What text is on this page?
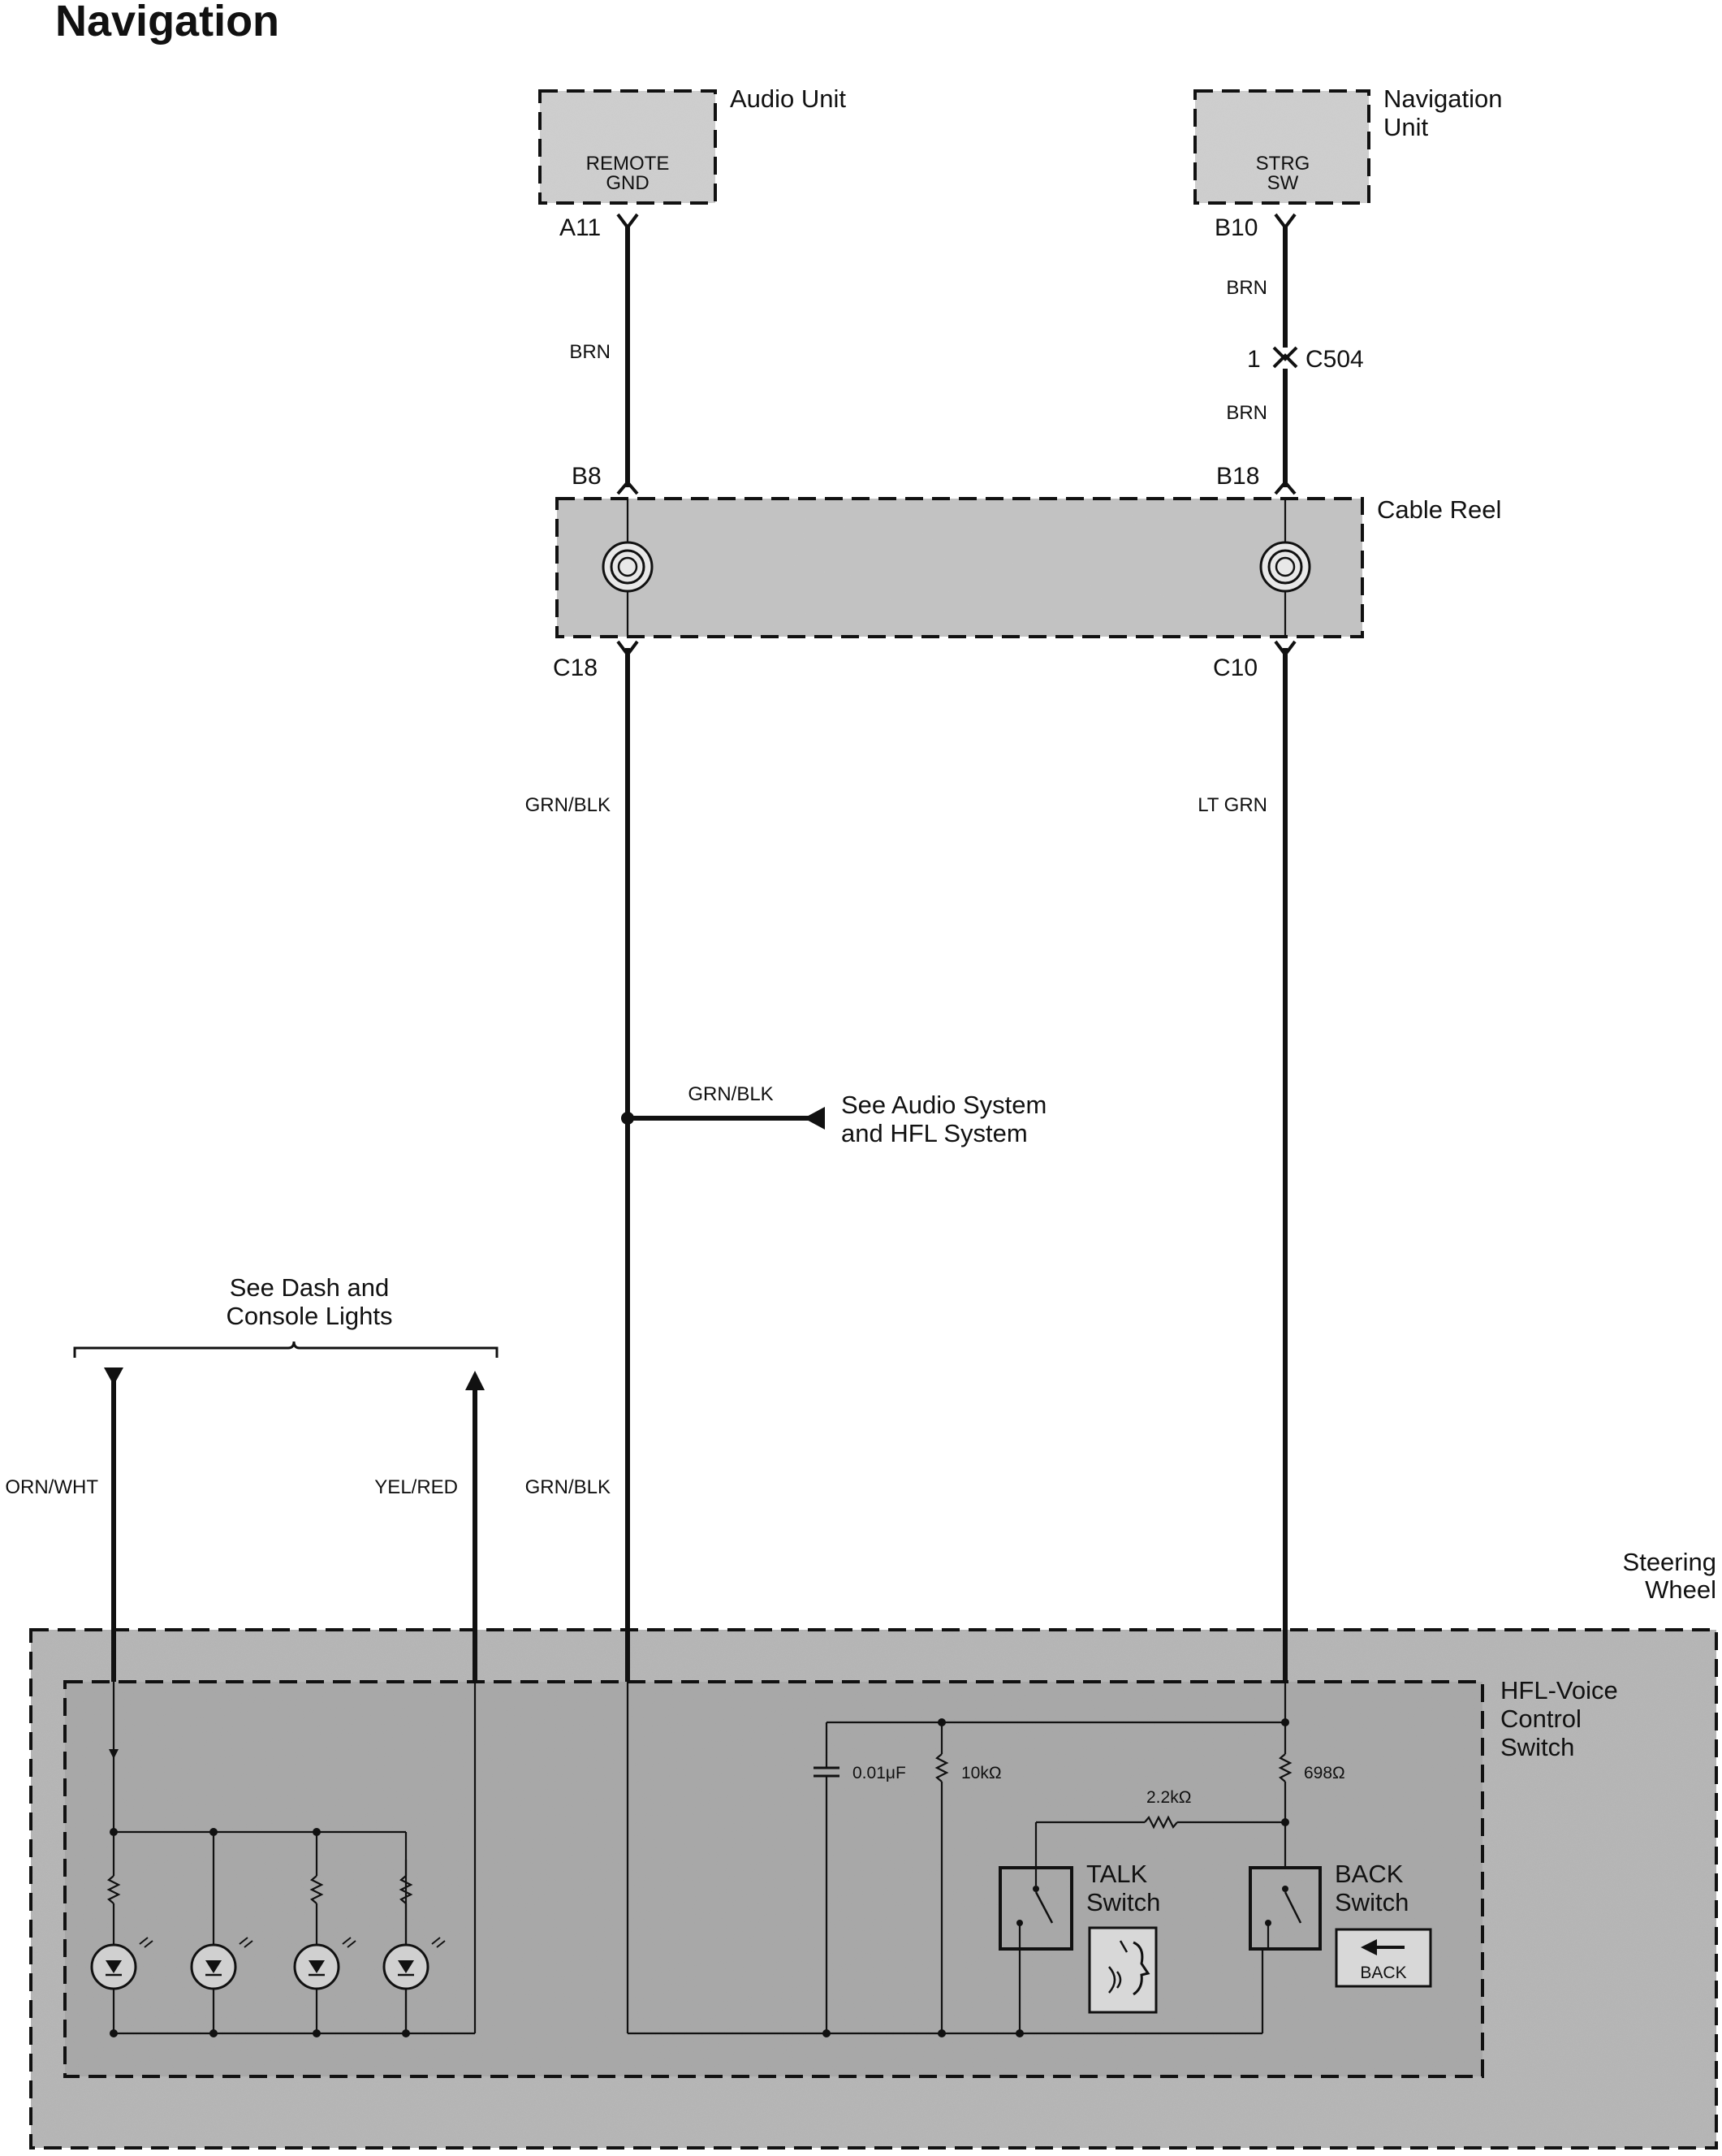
Navigation
Steering
Wheel
HFL-Voice
Control
Switch
Audio Unit
REMOTE
GND
A11
Navigation
Unit
STRG
SW
B10
Cable Reel
B8	B18
C18	C10
1 C504
BRN
BRN
BRN
GRN/BLK	LT GRN
GRN/BLK
GRN/BLK
ORN/WHT	YEL/RED
See Audio System
and HFL System
See Dash and
Console Lights
0.01μF	10kΩ	698Ω
2.2kΩ
TALK
Switch
BACK
Switch
BACK
